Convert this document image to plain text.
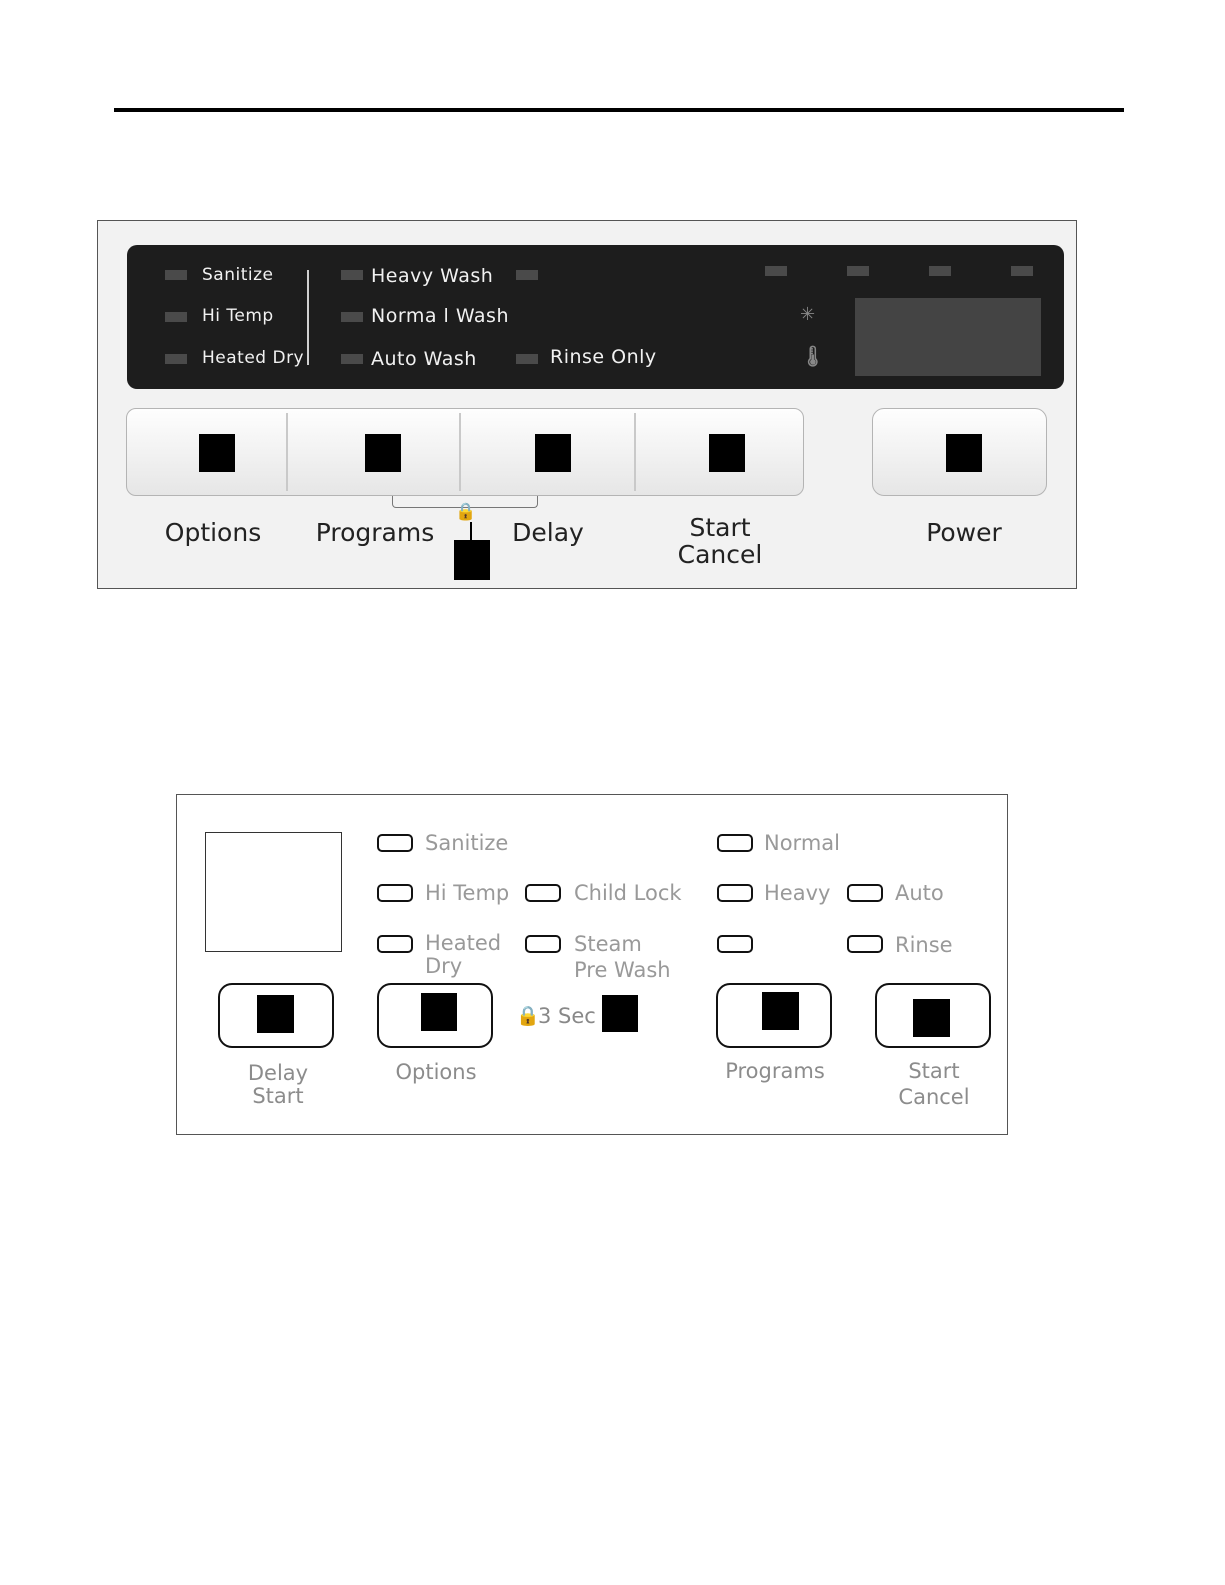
Sanitize
Hi Temp
Heated Dry
Heavy Wash
Norma l Wash
Auto Wash	Rinse Only
✳
🌡
🔒
Options	Programs	Delay	Start
Cancel
Power
Sanitize
Hi Temp
Heated
Dry
Child Lock
Steam
Pre Wash
Normal
Heavy	Auto
Rinse
🔒
3 Sec
Delay
Start
Options	Programs	Start
Cancel
